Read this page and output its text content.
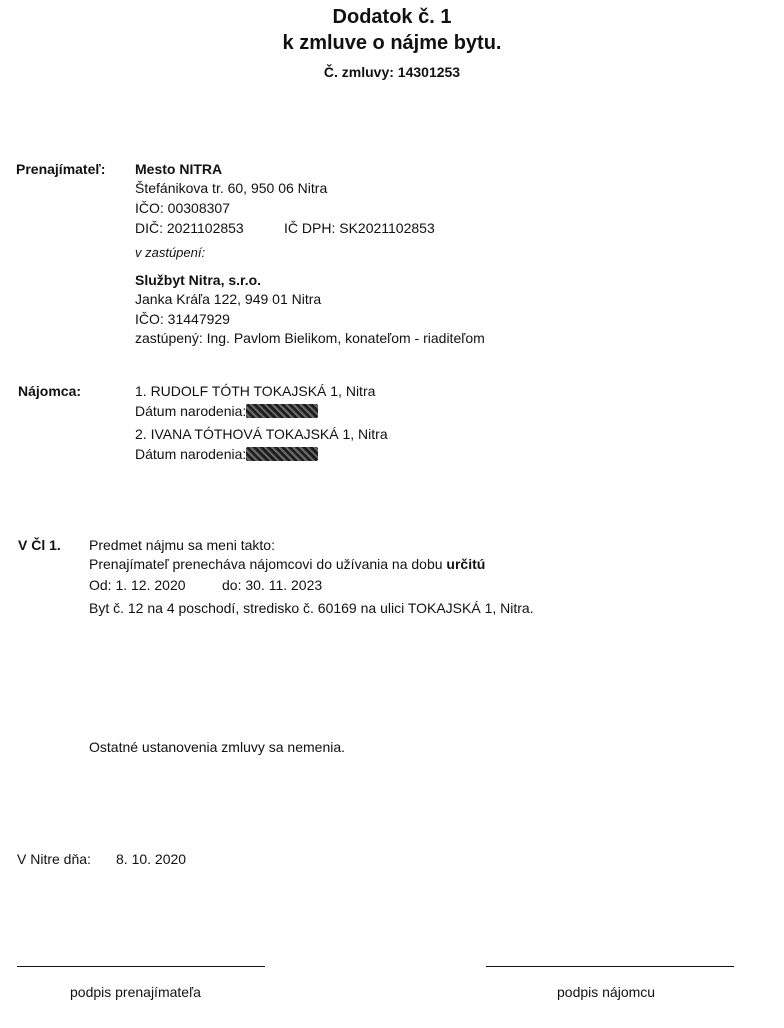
Dodatok č. 1
k zmluve o nájme bytu.
Č. zmluvy: 14301253
Prenajímateľ: Mesto NITRA
Štefánikova tr. 60, 950 06 Nitra
IČO: 00308307
DIČ: 2021102853	IČ DPH: SK2021102853
v zastúpení:
Službyt Nitra, s.r.o.
Janka Kráľa 122, 949 01 Nitra
IČO: 31447929
zastúpený: Ing. Pavlom Bielikom, konateľom - riaditeľom
Nájomca:	1. RUDOLF TÓTH TOKAJSKÁ 1, Nitra
Dátum narodenia:
2. IVANA TÓTHOVÁ TOKAJSKÁ 1, Nitra
Dátum narodenia:
V Čl 1. Predmet nájmu sa meni takto:
Prenajímateľ prenecháva nájomcovi do užívania na dobu určitú
Od: 1. 12. 2020	do: 30. 11. 2023
Byt č. 12 na 4 poschodí, stredisko č. 60169 na ulici TOKAJSKÁ 1, Nitra.
Ostatné ustanovenia zmluvy sa nemenia.
V Nitre dňa: 8. 10. 2020
podpis prenajímateľa	podpis nájomcu
